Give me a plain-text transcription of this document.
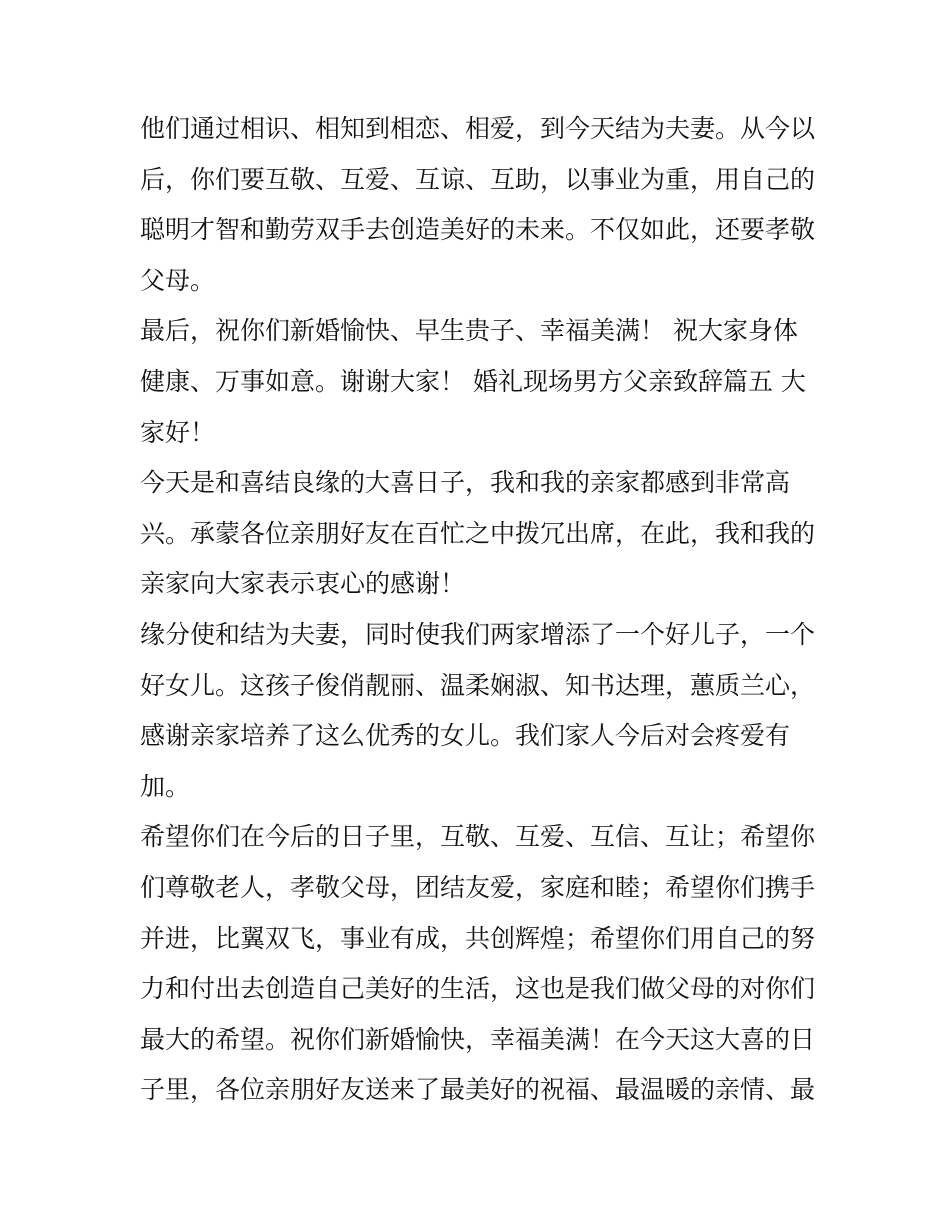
他们通过相识、相知到相恋、相爱，到今天结为夫妻。从今以
后，你们要互敬、互爱、互谅、互助，以事业为重，用自己的
聪明才智和勤劳双手去创造美好的未来。不仅如此，还要孝敬
父母。
最后，祝你们新婚愉快、早生贵子、幸福美满！ 祝大家身体
健康、万事如意。谢谢大家！ 婚礼现场男方父亲致辞篇五 大
家好！
今天是和喜结良缘的大喜日子，我和我的亲家都感到非常高
兴。承蒙各位亲朋好友在百忙之中拨冗出席，在此，我和我的
亲家向大家表示衷心的感谢！
缘分使和结为夫妻，同时使我们两家增添了一个好儿子，一个
好女儿。这孩子俊俏靓丽、温柔娴淑、知书达理，蕙质兰心，
感谢亲家培养了这么优秀的女儿。我们家人今后对会疼爱有
加。
希望你们在今后的日子里，互敬、互爱、互信、互让；希望你
们尊敬老人，孝敬父母，团结友爱，家庭和睦；希望你们携手
并进，比翼双飞，事业有成，共创辉煌；希望你们用自己的努
力和付出去创造自己美好的生活，这也是我们做父母的对你们
最大的希望。祝你们新婚愉快，幸福美满！在今天这大喜的日
子里，各位亲朋好友送来了最美好的祝福、最温暖的亲情、最
